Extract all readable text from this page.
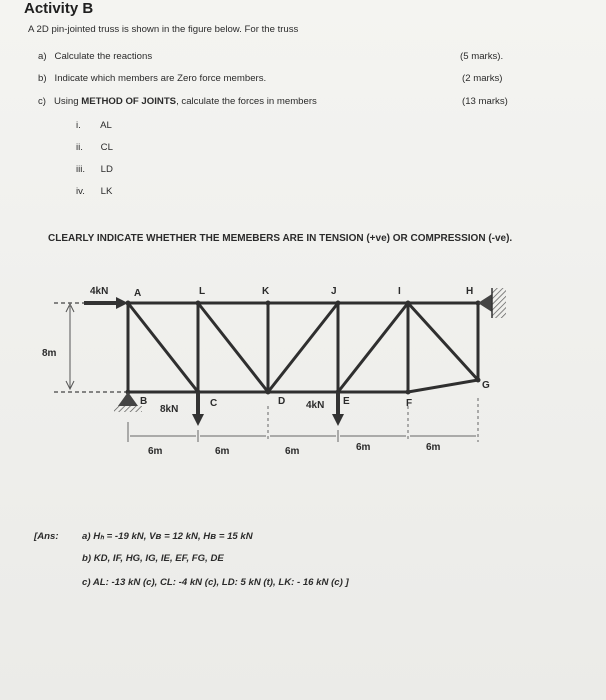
Activity B
A 2D pin-jointed truss is shown in the figure below. For the truss
a) Calculate the reactions	(5 marks).
b) Indicate which members are Zero force members.	(2 marks)
c) Using METHOD OF JOINTS, calculate the forces in members	(13 marks)
i. AL
ii. CL
iii. LD
iv. LK
CLEARLY INDICATE WHETHER THE MEMEBERS ARE IN TENSION (+ve) OR COMPRESSION (-ve).
8m
4kN	A	L	K	J	I	H
B
8kN
C	D 4kN E	F
G
6m	6m	6m	6m	6m
[Ans: a) Hₕ = -19 kN, Vʙ = 12 kN, Hʙ = 15 kN
b) KD, IF, HG, IG, IE, EF, FG, DE
c) AL: -13 kN (c), CL: -4 kN (c), LD: 5 kN (t), LK: - 16 kN (c) ]
